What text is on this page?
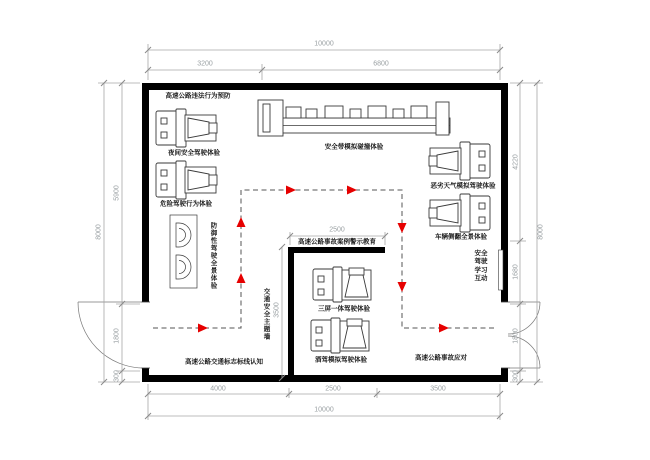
10000
3200	6800
4000	2500	3500
10000
8000
5900
1800
300
4220
1680
1800
300
8000
2500
3500
高速公路违法行为预防
夜间安全驾驶体验
危险驾驶行为体验
防御性驾驶全景体验
高速公路交通标志标线认知
安全带模拟碰撞体验
恶劣天气模拟驾驶体验
车辆侧翻全景体验
安全驾驶学习互动
高速公路事故案例警示教育
三屏一体驾驶体验
酒驾模拟驾驶体验	高速公路事故应对
交通安全主题墙
